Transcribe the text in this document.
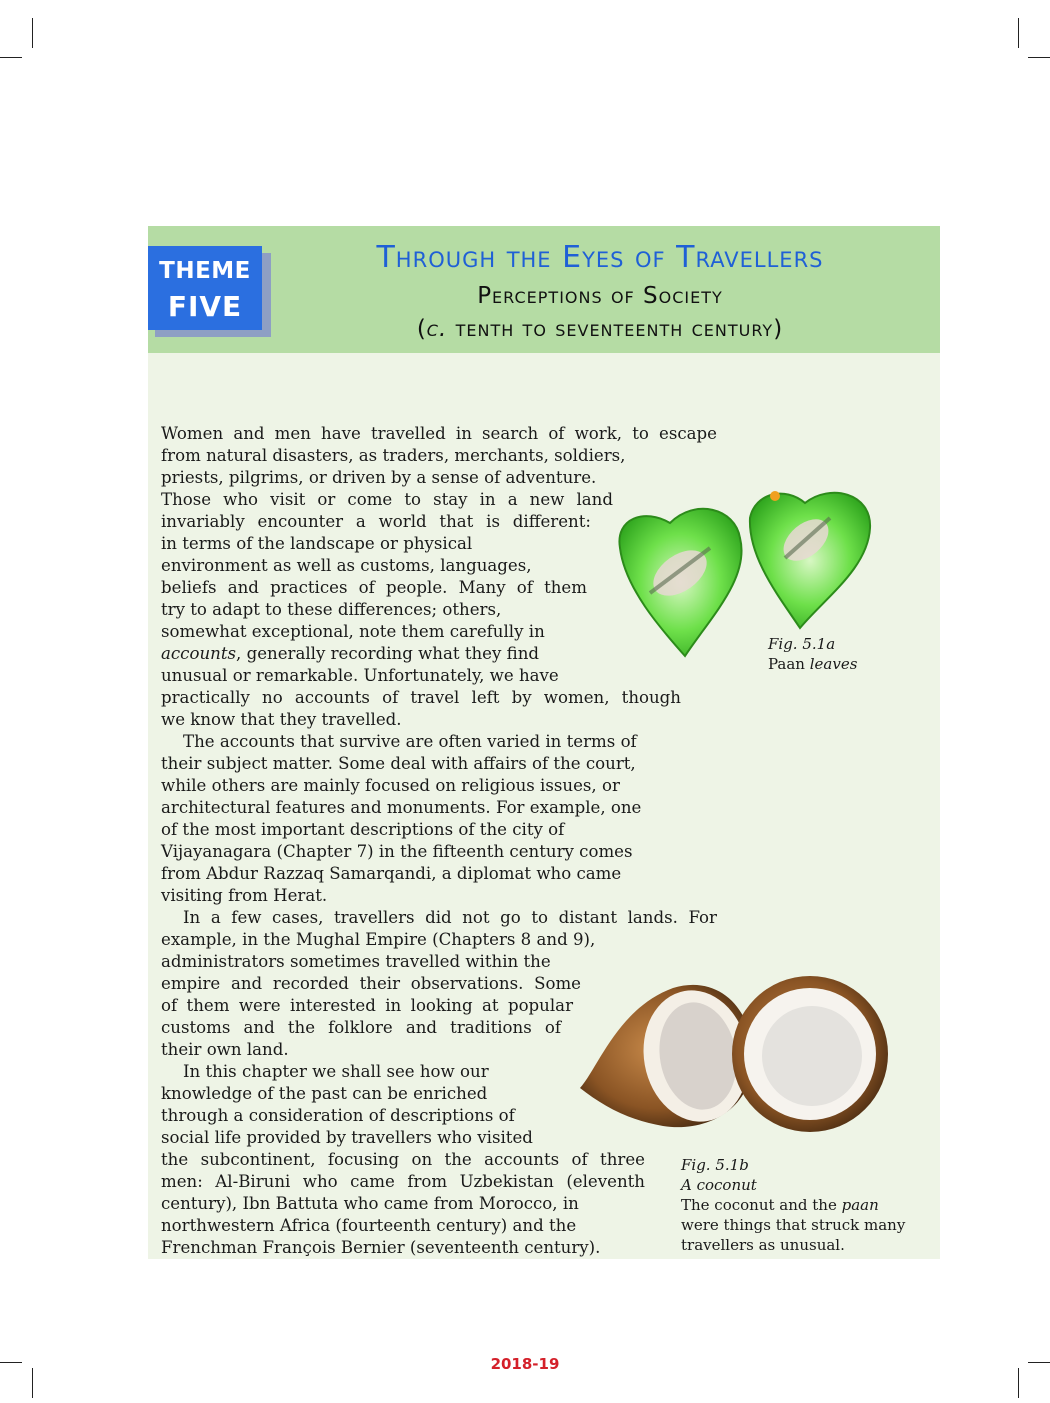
THEME
FIVE
Through the Eyes of Travellers
Perceptions of Society
(c. tenth to seventeenth century)
Fig. 5.1a
Paan leaves
Fig. 5.1b
A coconut
The coconut and the paan
were things that struck many
travellers as unusual.
Women and men have travelled in search of work, to escape
from natural disasters, as traders, merchants, soldiers,
priests, pilgrims, or driven by a sense of adventure.
Those who visit or come to stay in a new land
invariably encounter a world that is different:
in terms of the landscape or physical
environment as well as customs, languages,
beliefs and practices of people. Many of them
try to adapt to these differences; others,
somewhat exceptional, note them carefully in
accounts, generally recording what they find
unusual or remarkable. Unfortunately, we have
practically no accounts of travel left by women, though
we know that they travelled.
The accounts that survive are often varied in terms of
their subject matter. Some deal with affairs of the court,
while others are mainly focused on religious issues, or
architectural features and monuments. For example, one
of the most important descriptions of the city of
Vijayanagara (Chapter 7) in the fifteenth century comes
from Abdur Razzaq Samarqandi, a diplomat who came
visiting from Herat.
In a few cases, travellers did not go to distant lands. For
example, in the Mughal Empire (Chapters 8 and 9),
administrators sometimes travelled within the
empire and recorded their observations. Some
of them were interested in looking at popular
customs and the folklore and traditions of
their own land.
In this chapter we shall see how our
knowledge of the past can be enriched
through a consideration of descriptions of
social life provided by travellers who visited
the subcontinent, focusing on the accounts of three
men: Al-Biruni who came from Uzbekistan (eleventh
century), Ibn Battuta who came from Morocco, in
northwestern Africa (fourteenth century) and the
Frenchman François Bernier (seventeenth century).
2018-19
